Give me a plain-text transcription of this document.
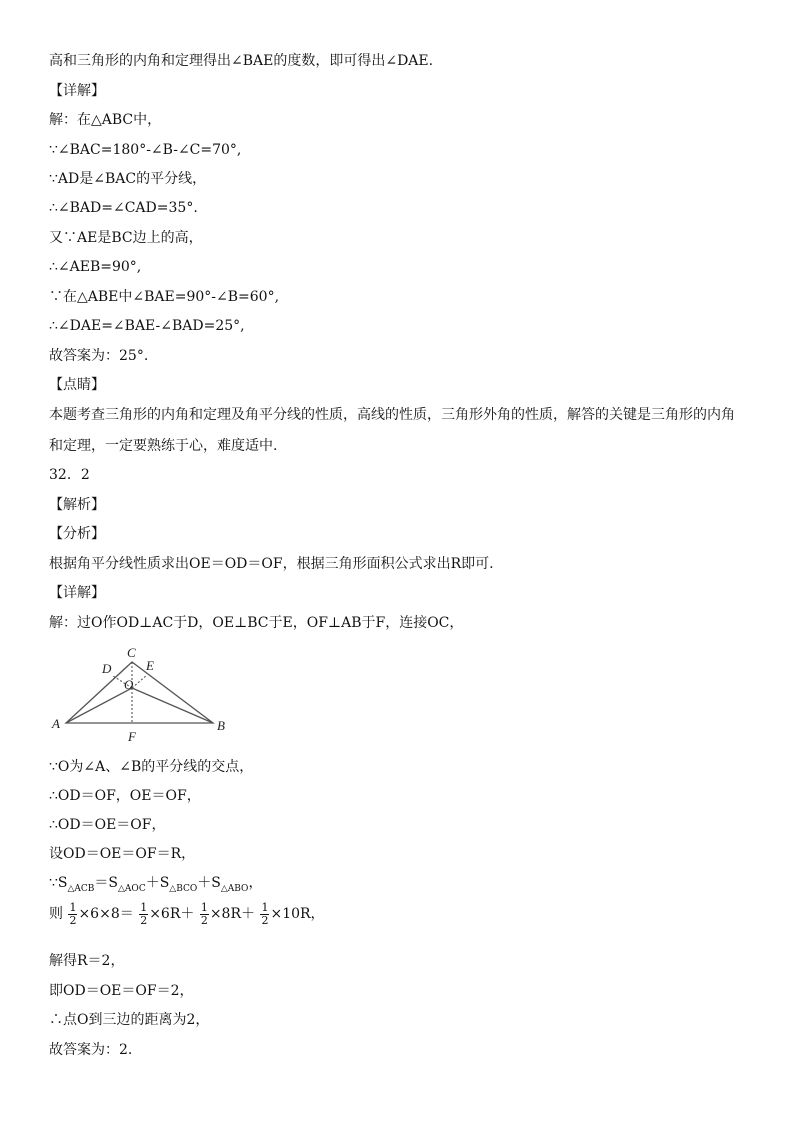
高和三角形的内角和定理得出∠BAE的度数，即可得出∠DAE.

【详解】

解：在△ABC中，

∵∠BAC=180°-∠B-∠C=70°,

∵AD是∠BAC的平分线，

∴∠BAD=∠CAD=35°.

又∵AE是BC边上的高，

∴∠AEB=90°,

∵在△ABE中∠BAE=90°-∠B=60°,

∴∠DAE=∠BAE-∠BAD=25°,

故答案为：25°.

【点睛】

本题考查三角形的内角和定理及角平分线的性质，高线的性质，三角形外角的性质，解答的关键是三角形的内角

和定理，一定要熟练于心，难度适中.

32．2

【解析】

【分析】

根据角平分线性质求出OE＝OD＝OF，根据三角形面积公式求出R即可.

【详解】

解：过O作OD⊥AC于D，OE⊥BC于E，OF⊥AB于F，连接OC，

C
D	E
O
A	B
F

∵O为∠A、∠B的平分线的交点，

∴OD＝OF，OE＝OF，

∴OD＝OE＝OF，

设OD＝OE＝OF＝R，

$\because S_{\triangle ACB}=S_{\triangle AOC}+S_{\triangle BCO}+S_{\triangle ABO}$，

则 $\frac{1}{2} \times 6\times 8= \frac{1}{2} \times 6R+ \frac{1}{2} \times 8R+ \frac{1}{2} \times 10R$，

解得R＝2，

即OD＝OE＝OF＝2，

∴点O到三边的距离为2，

故答案为：2.
